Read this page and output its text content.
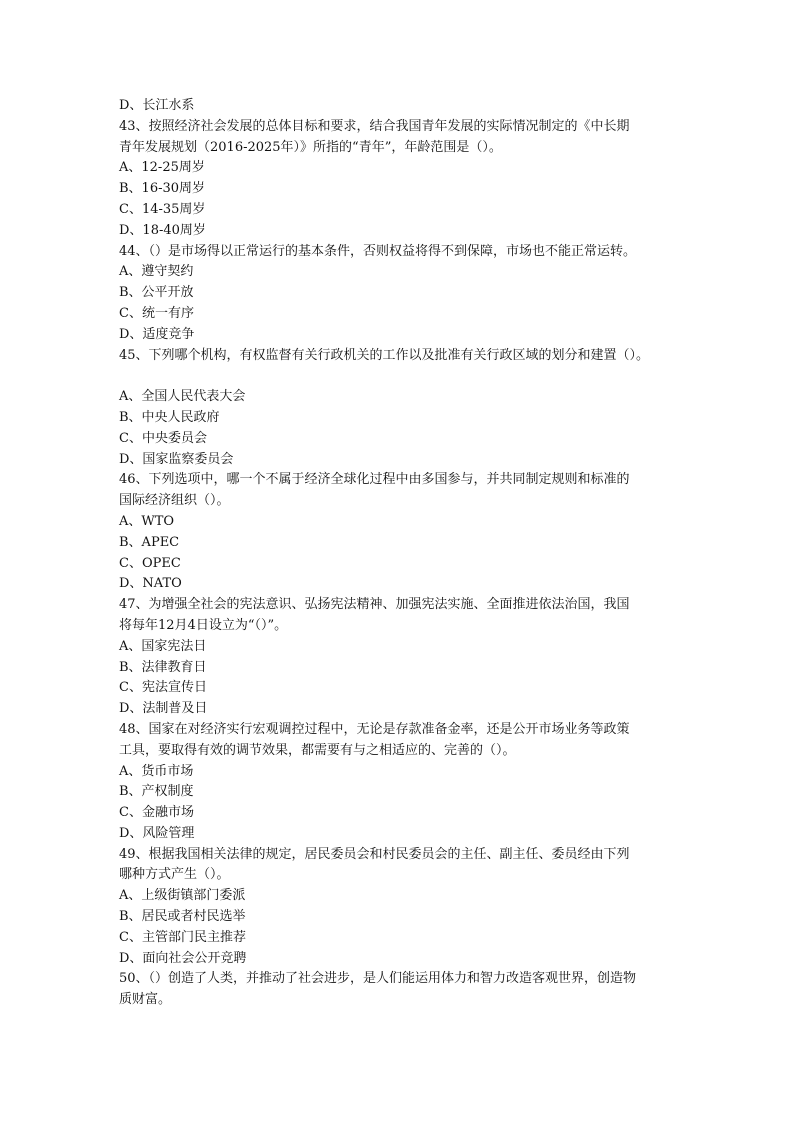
D、长江水系
43、按照经济社会发展的总体目标和要求，结合我国青年发展的实际情况制定的《中长期
青年发展规划（2016-2025年）》所指的“青年”，年龄范围是（）。
A、12-25周岁
B、16-30周岁
C、14-35周岁
D、18-40周岁
44、（）是市场得以正常运行的基本条件，否则权益将得不到保障，市场也不能正常运转。
A、遵守契约
B、公平开放
C、统一有序
D、适度竞争
45、下列哪个机构，有权监督有关行政机关的工作以及批准有关行政区域的划分和建置（）。
A、全国人民代表大会
B、中央人民政府
C、中央委员会
D、国家监察委员会
46、下列选项中，哪一个不属于经济全球化过程中由多国参与，并共同制定规则和标准的
国际经济组织（）。
A、WTO
B、APEC
C、OPEC
D、NATO
47、为增强全社会的宪法意识、弘扬宪法精神、加强宪法实施、全面推进依法治国，我国
将每年12月4日设立为“（）”。
A、国家宪法日
B、法律教育日
C、宪法宣传日
D、法制普及日
48、国家在对经济实行宏观调控过程中，无论是存款准备金率，还是公开市场业务等政策
工具，要取得有效的调节效果，都需要有与之相适应的、完善的（）。
A、货币市场
B、产权制度
C、金融市场
D、风险管理
49、根据我国相关法律的规定，居民委员会和村民委员会的主任、副主任、委员经由下列
哪种方式产生（）。
A、上级街镇部门委派
B、居民或者村民选举
C、主管部门民主推荐
D、面向社会公开竞聘
50、（）创造了人类，并推动了社会进步，是人们能运用体力和智力改造客观世界，创造物
质财富。
